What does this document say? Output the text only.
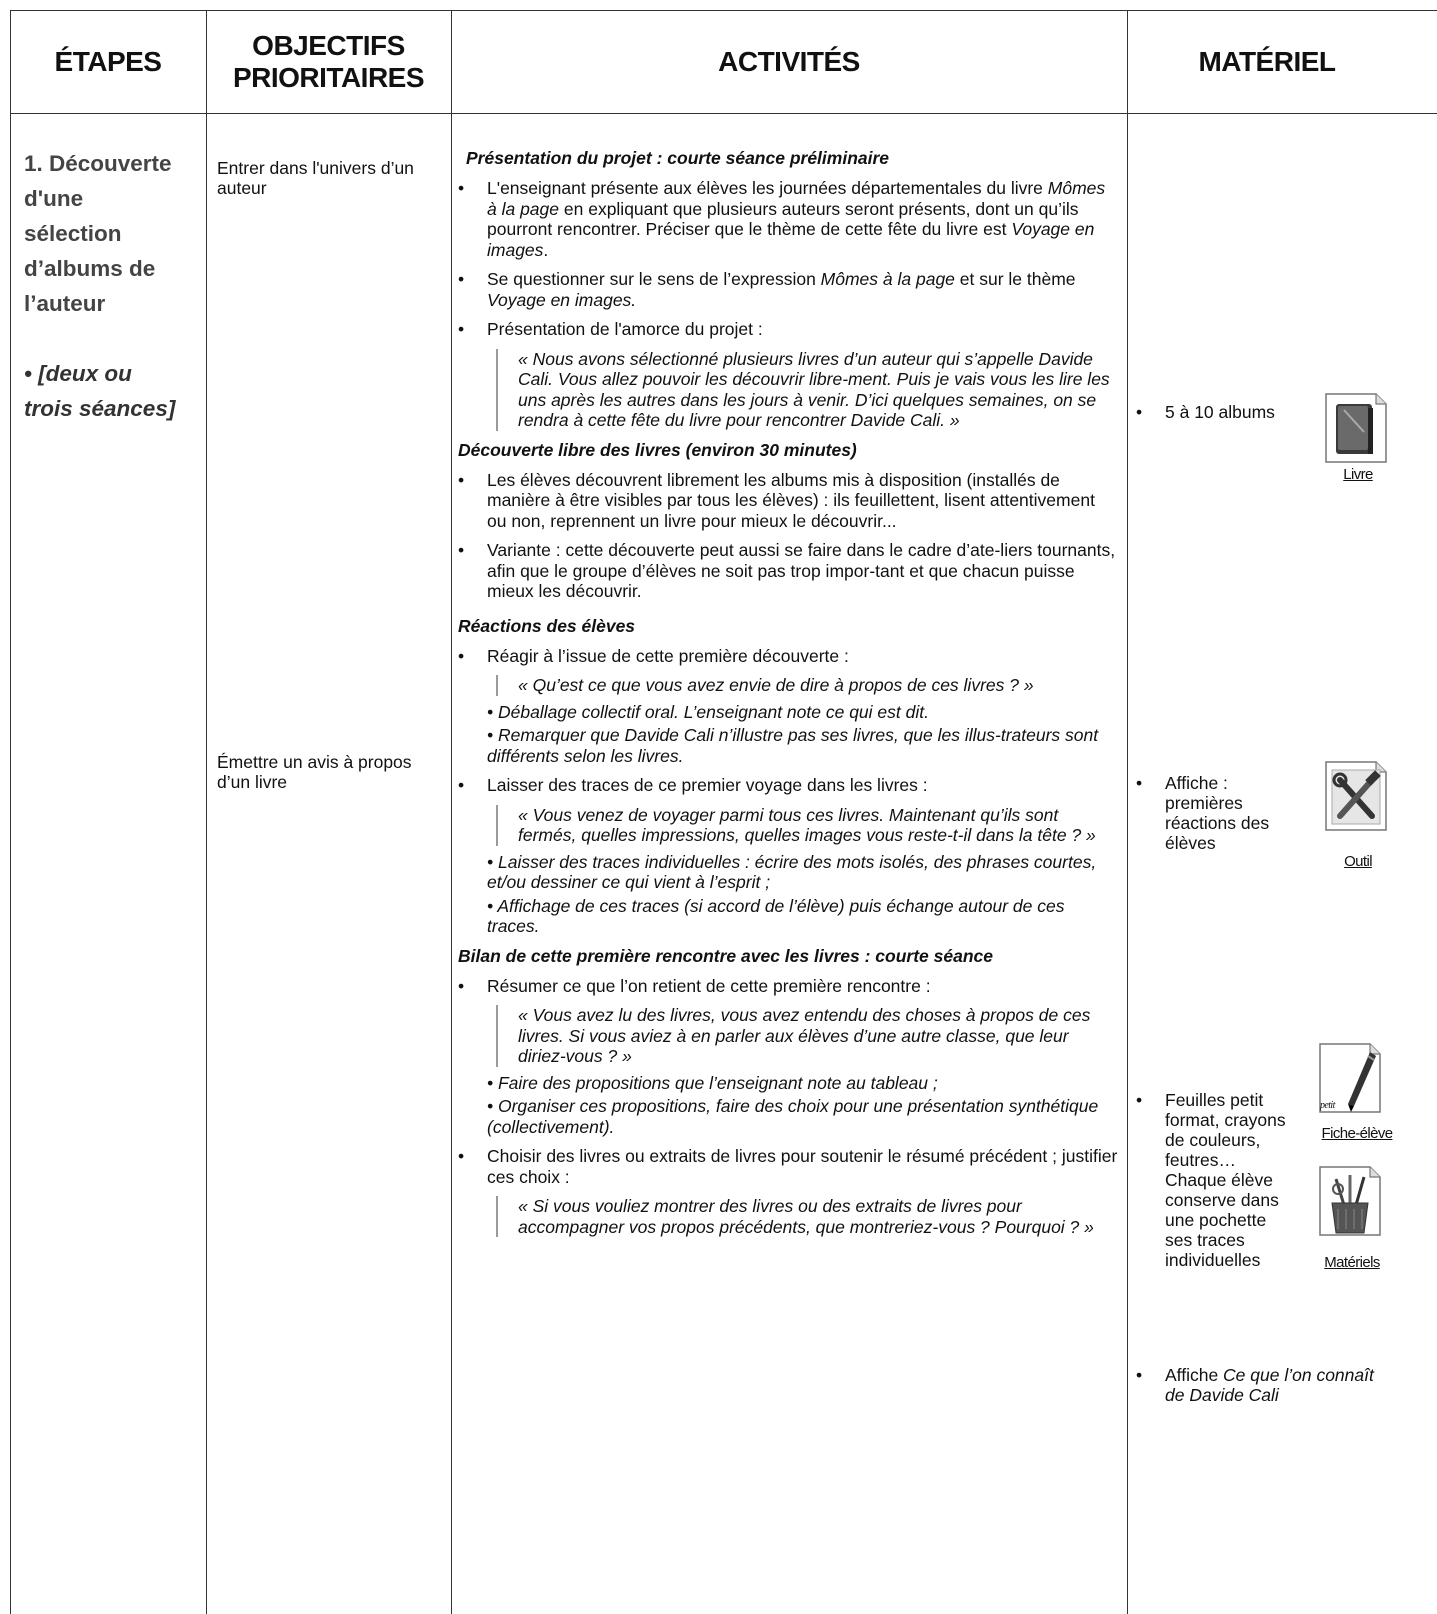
ÉTAPES
OBJECTIFS
PRIORITAIRES
ACTIVITÉS	MATÉRIEL
1. Découverte
d'une
sélection
d’albums de
l’auteur
• [deux ou
trois séances]
Entrer dans l'univers d’un auteur
Émettre un avis à propos d’un livre
Présentation du projet : courte séance préliminaire
• L'enseignant présente aux élèves les journées départementales du livre Mômes à la page en expliquant que plusieurs auteurs seront présents, dont un qu’ils pourront rencontrer. Préciser que le thème de cette fête du livre est Voyage en images.
• Se questionner sur le sens de l’expression Mômes à la page et sur le thème Voyage en images.
• Présentation de l'amorce du projet :
« Nous avons sélectionné plusieurs livres d’un auteur qui s’appelle Davide Cali. Vous allez pouvoir les découvrir libre-ment. Puis je vais vous les lire les uns après les autres dans les jours à venir. D’ici quelques semaines, on se rendra à cette fête du livre pour rencontrer Davide Cali. »
Découverte libre des livres (environ 30 minutes)
• Les élèves découvrent librement les albums mis à disposition (installés de manière à être visibles par tous les élèves) : ils feuillettent, lisent attentivement ou non, reprennent un livre pour mieux le découvrir...
• Variante : cette découverte peut aussi se faire dans le cadre d’ate-liers tournants, afin que le groupe d’élèves ne soit pas trop impor-tant et que chacun puisse mieux les découvrir.
Réactions des élèves
• Réagir à l’issue de cette première découverte :
« Qu’est ce que vous avez envie de dire à propos de ces livres ? »
• Déballage collectif oral. L’enseignant note ce qui est dit.
• Remarquer que Davide Cali n’illustre pas ses livres, que les illus-trateurs sont différents selon les livres.
• Laisser des traces de ce premier voyage dans les livres :
« Vous venez de voyager parmi tous ces livres. Maintenant qu’ils sont fermés, quelles impressions, quelles images vous reste-t-il dans la tête ? »
• Laisser des traces individuelles : écrire des mots isolés, des phrases courtes, et/ou dessiner ce qui vient à l’esprit ;
• Affichage de ces traces (si accord de l’élève) puis échange autour de ces traces.
Bilan de cette première rencontre avec les livres : courte séance
• Résumer ce que l’on retient de cette première rencontre :
« Vous avez lu des livres, vous avez entendu des choses à propos de ces livres. Si vous aviez à en parler aux élèves d’une autre classe, que leur diriez-vous ? »
• Faire des propositions que l’enseignant note au tableau ;
• Organiser ces propositions, faire des choix pour une présentation synthétique (collectivement).
• Choisir des livres ou extraits de livres pour soutenir le résumé précédent ; justifier ces choix :
« Si vous vouliez montrer des livres ou des extraits de livres pour accompagner vos propos précédents, que montreriez-vous ? Pourquoi ? »
• 5 à 10 albums
• Affiche : premières réactions des élèves
• Feuilles petit format, crayons de couleurs, feutres… Chaque élève conserve dans une pochette ses traces individuelles
• Affiche Ce que l’on connaît de Davide Cali
Livre
Outil
petit
Fiche-élève
Matériels
